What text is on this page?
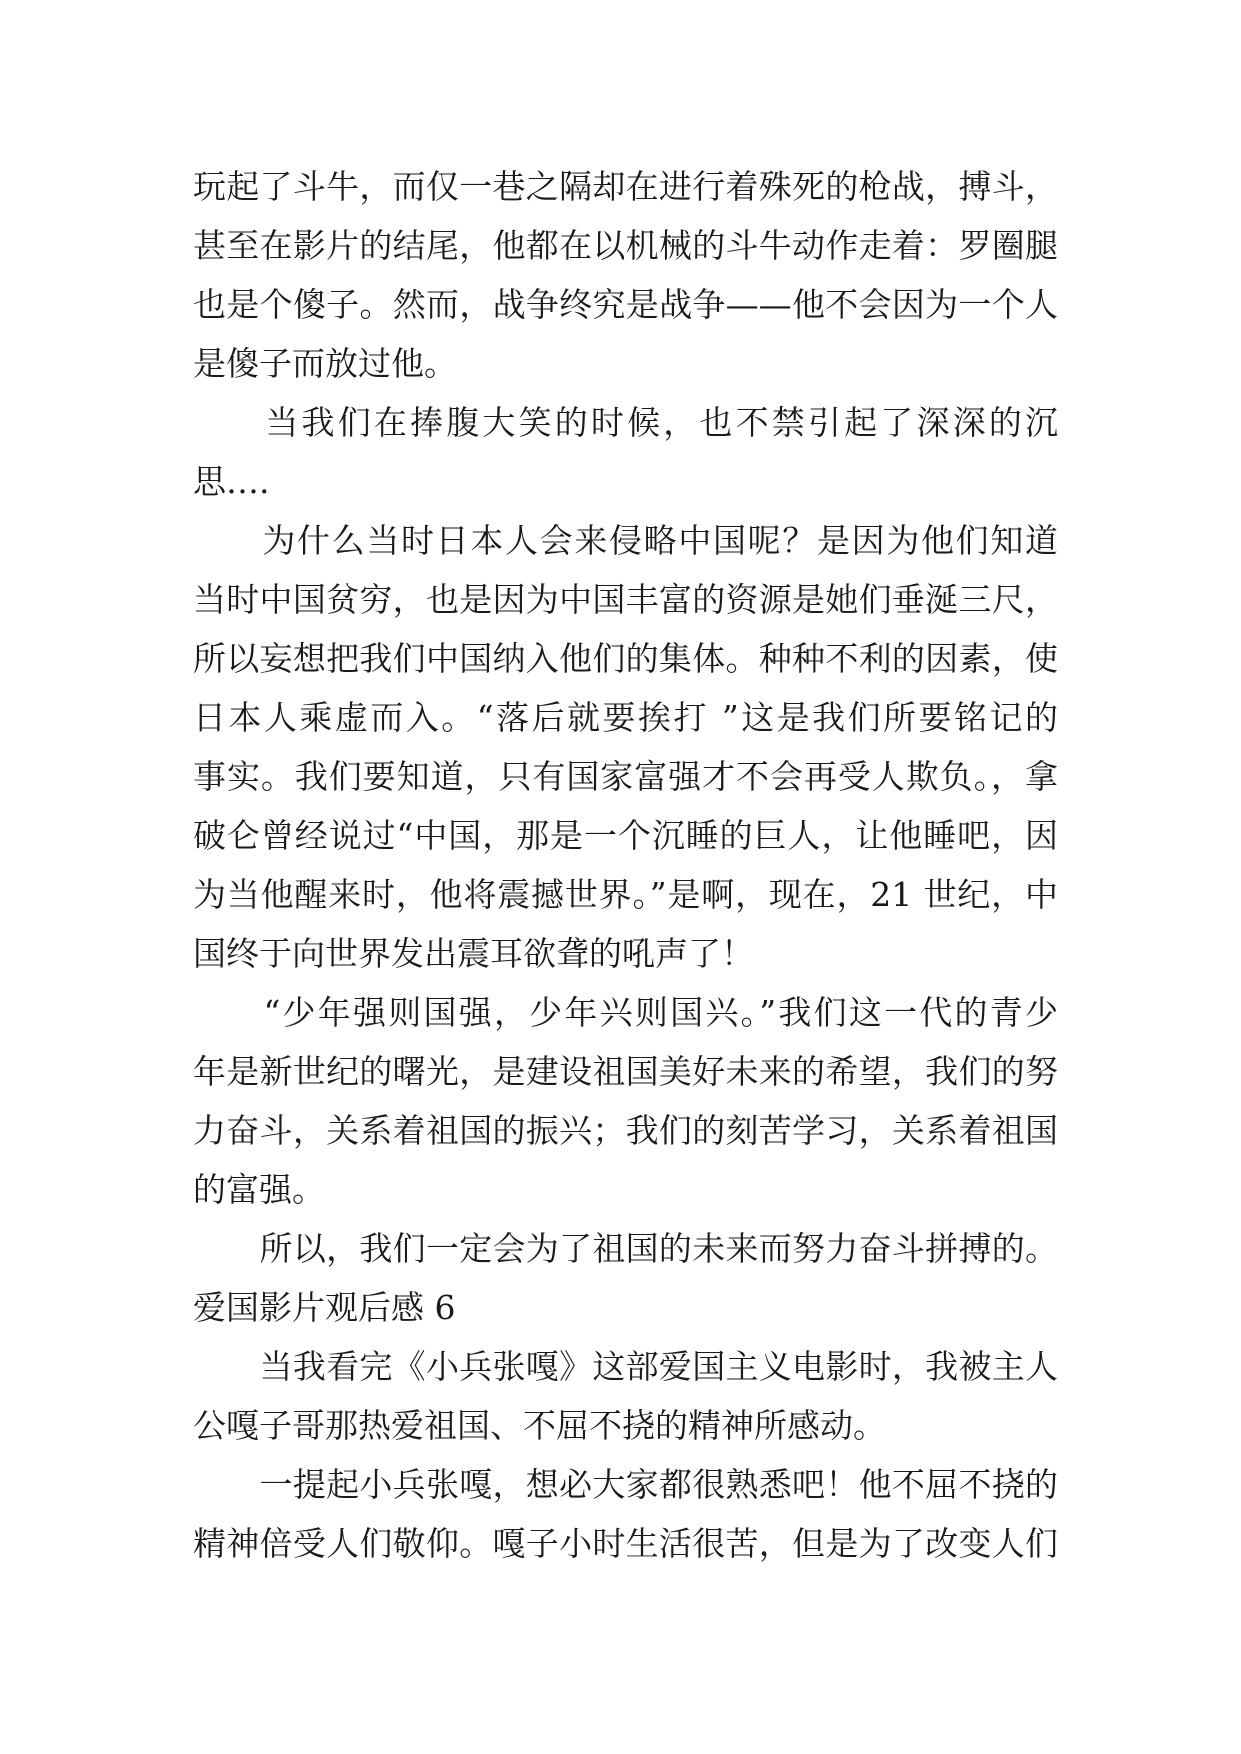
玩起了斗牛，而仅一巷之隔却在进行着殊死的枪战，搏斗，
甚至在影片的结尾，他都在以机械的斗牛动作走着：罗圈腿
也是个傻子。然而，战争终究是战争——他不会因为一个人
是傻子而放过他。
　　当我们在捧腹大笑的时候，也不禁引起了深深的沉
思….
　　为什么当时日本人会来侵略中国呢？是因为他们知道
当时中国贫穷，也是因为中国丰富的资源是她们垂涎三尺，
所以妄想把我们中国纳入他们的集体。种种不利的因素，使
日本人乘虚而入。“落后就要挨打 ”这是我们所要铭记的
事实。我们要知道，只有国家富强才不会再受人欺负。，拿
破仑曾经说过“中国，那是一个沉睡的巨人，让他睡吧，因
为当他醒来时，他将震撼世界。”是啊，现在，21 世纪，中
国终于向世界发出震耳欲聋的吼声了！
　　“少年强则国强，少年兴则国兴。”我们这一代的青少
年是新世纪的曙光，是建设祖国美好未来的希望，我们的努
力奋斗，关系着祖国的振兴；我们的刻苦学习，关系着祖国
的富强。
　　所以，我们一定会为了祖国的未来而努力奋斗拼搏的。
爱国影片观后感 6
　　当我看完《小兵张嘎》这部爱国主义电影时，我被主人
公嘎子哥那热爱祖国、不屈不挠的精神所感动。
　　一提起小兵张嘎，想必大家都很熟悉吧！他不屈不挠的
精神倍受人们敬仰。嘎子小时生活很苦，但是为了改变人们
